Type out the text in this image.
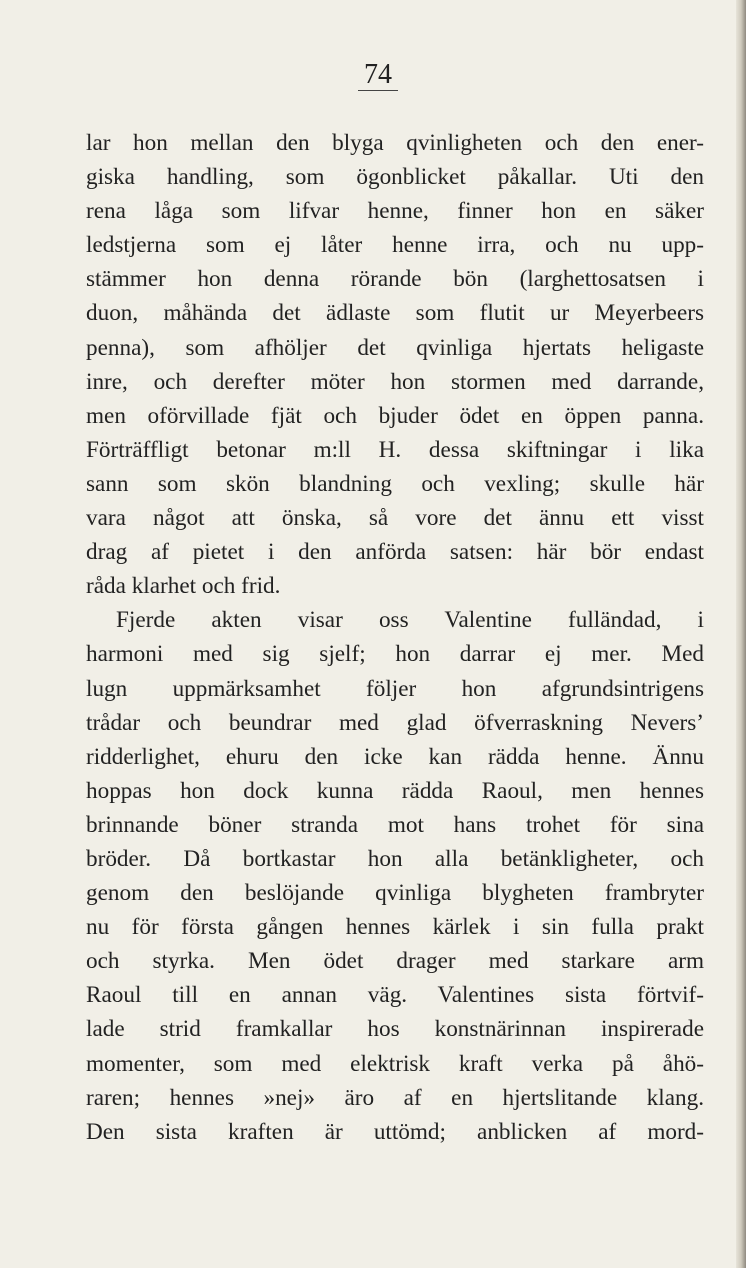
74
lar hon mellan den blyga qvinligheten och den ener-
giska handling, som ögonblicket påkallar. Uti den
rena låga som lifvar henne, finner hon en säker
ledstjerna som ej låter henne irra, och nu upp-
stämmer hon denna rörande bön (larghettosatsen i
duon, måhända det ädlaste som flutit ur Meyerbeers
penna), som afhöljer det qvinliga hjertats heligaste
inre, och derefter möter hon stormen med darrande,
men oförvillade fjät och bjuder ödet en öppen panna.
Förträffligt betonar m:ll H. dessa skiftningar i lika
sann som skön blandning och vexling; skulle här
vara något att önska, så vore det ännu ett visst
drag af pietet i den anförda satsen: här bör endast
råda klarhet och frid.
Fjerde akten visar oss Valentine fulländad, i
harmoni med sig sjelf; hon darrar ej mer. Med
lugn uppmärksamhet följer hon afgrundsintrigens
trådar och beundrar med glad öfverraskning Nevers’
ridderlighet, ehuru den icke kan rädda henne. Ännu
hoppas hon dock kunna rädda Raoul, men hennes
brinnande böner stranda mot hans trohet för sina
bröder. Då bortkastar hon alla betänkligheter, och
genom den beslöjande qvinliga blygheten frambryter
nu för första gången hennes kärlek i sin fulla prakt
och styrka. Men ödet drager med starkare arm
Raoul till en annan väg. Valentines sista förtvif-
lade strid framkallar hos konstnärinnan inspirerade
momenter, som med elektrisk kraft verka på åhö-
raren; hennes »nej» äro af en hjertslitande klang.
Den sista kraften är uttömd; anblicken af mord-
